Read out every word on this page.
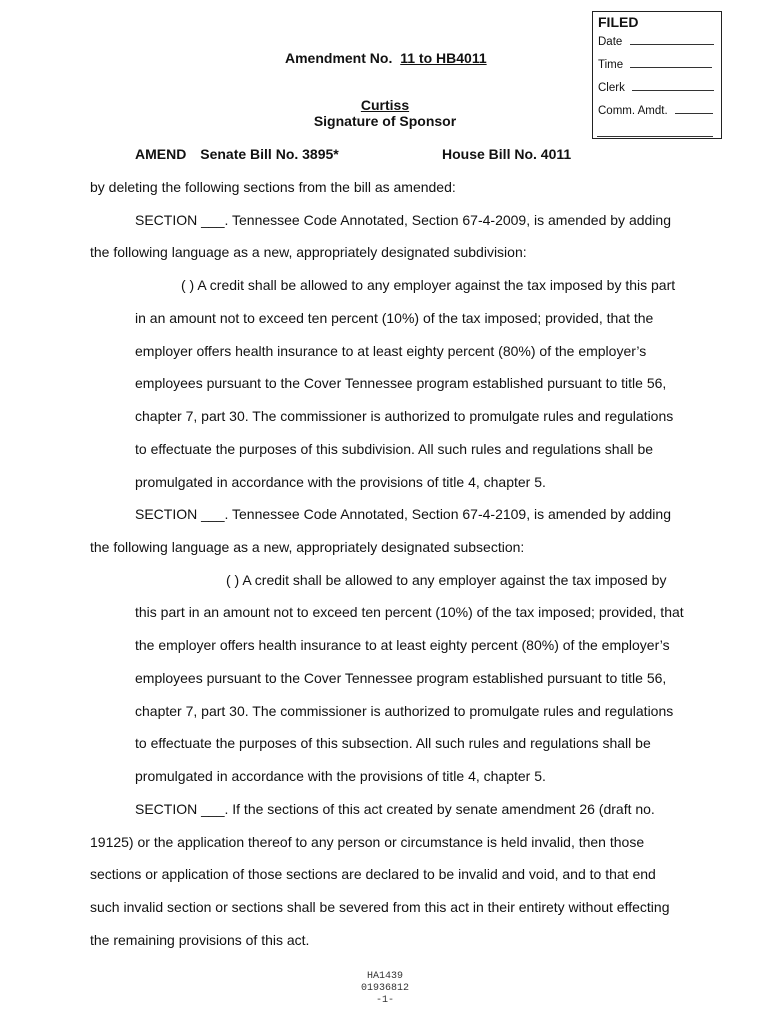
FILED
Date
Time
Clerk
Comm. Amdt.
Amendment No. 11 to HB4011
Curtiss
Signature of Sponsor
AMEND Senate Bill No. 3895*	House Bill No. 4011
by deleting the following sections from the bill as amended:
SECTION ___. Tennessee Code Annotated, Section 67-4-2009, is amended by adding
the following language as a new, appropriately designated subdivision:
( ) A credit shall be allowed to any employer against the tax imposed by this part
in an amount not to exceed ten percent (10%) of the tax imposed; provided, that the
employer offers health insurance to at least eighty percent (80%) of the employer’s
employees pursuant to the Cover Tennessee program established pursuant to title 56,
chapter 7, part 30. The commissioner is authorized to promulgate rules and regulations
to effectuate the purposes of this subdivision. All such rules and regulations shall be
promulgated in accordance with the provisions of title 4, chapter 5.
SECTION ___. Tennessee Code Annotated, Section 67-4-2109, is amended by adding
the following language as a new, appropriately designated subsection:
( ) A credit shall be allowed to any employer against the tax imposed by
this part in an amount not to exceed ten percent (10%) of the tax imposed; provided, that
the employer offers health insurance to at least eighty percent (80%) of the employer’s
employees pursuant to the Cover Tennessee program established pursuant to title 56,
chapter 7, part 30. The commissioner is authorized to promulgate rules and regulations
to effectuate the purposes of this subsection. All such rules and regulations shall be
promulgated in accordance with the provisions of title 4, chapter 5.
SECTION ___. If the sections of this act created by senate amendment 26 (draft no.
19125) or the application thereof to any person or circumstance is held invalid, then those
sections or application of those sections are declared to be invalid and void, and to that end
such invalid section or sections shall be severed from this act in their entirety without effecting
the remaining provisions of this act.
HA1439
01936812
-1-
